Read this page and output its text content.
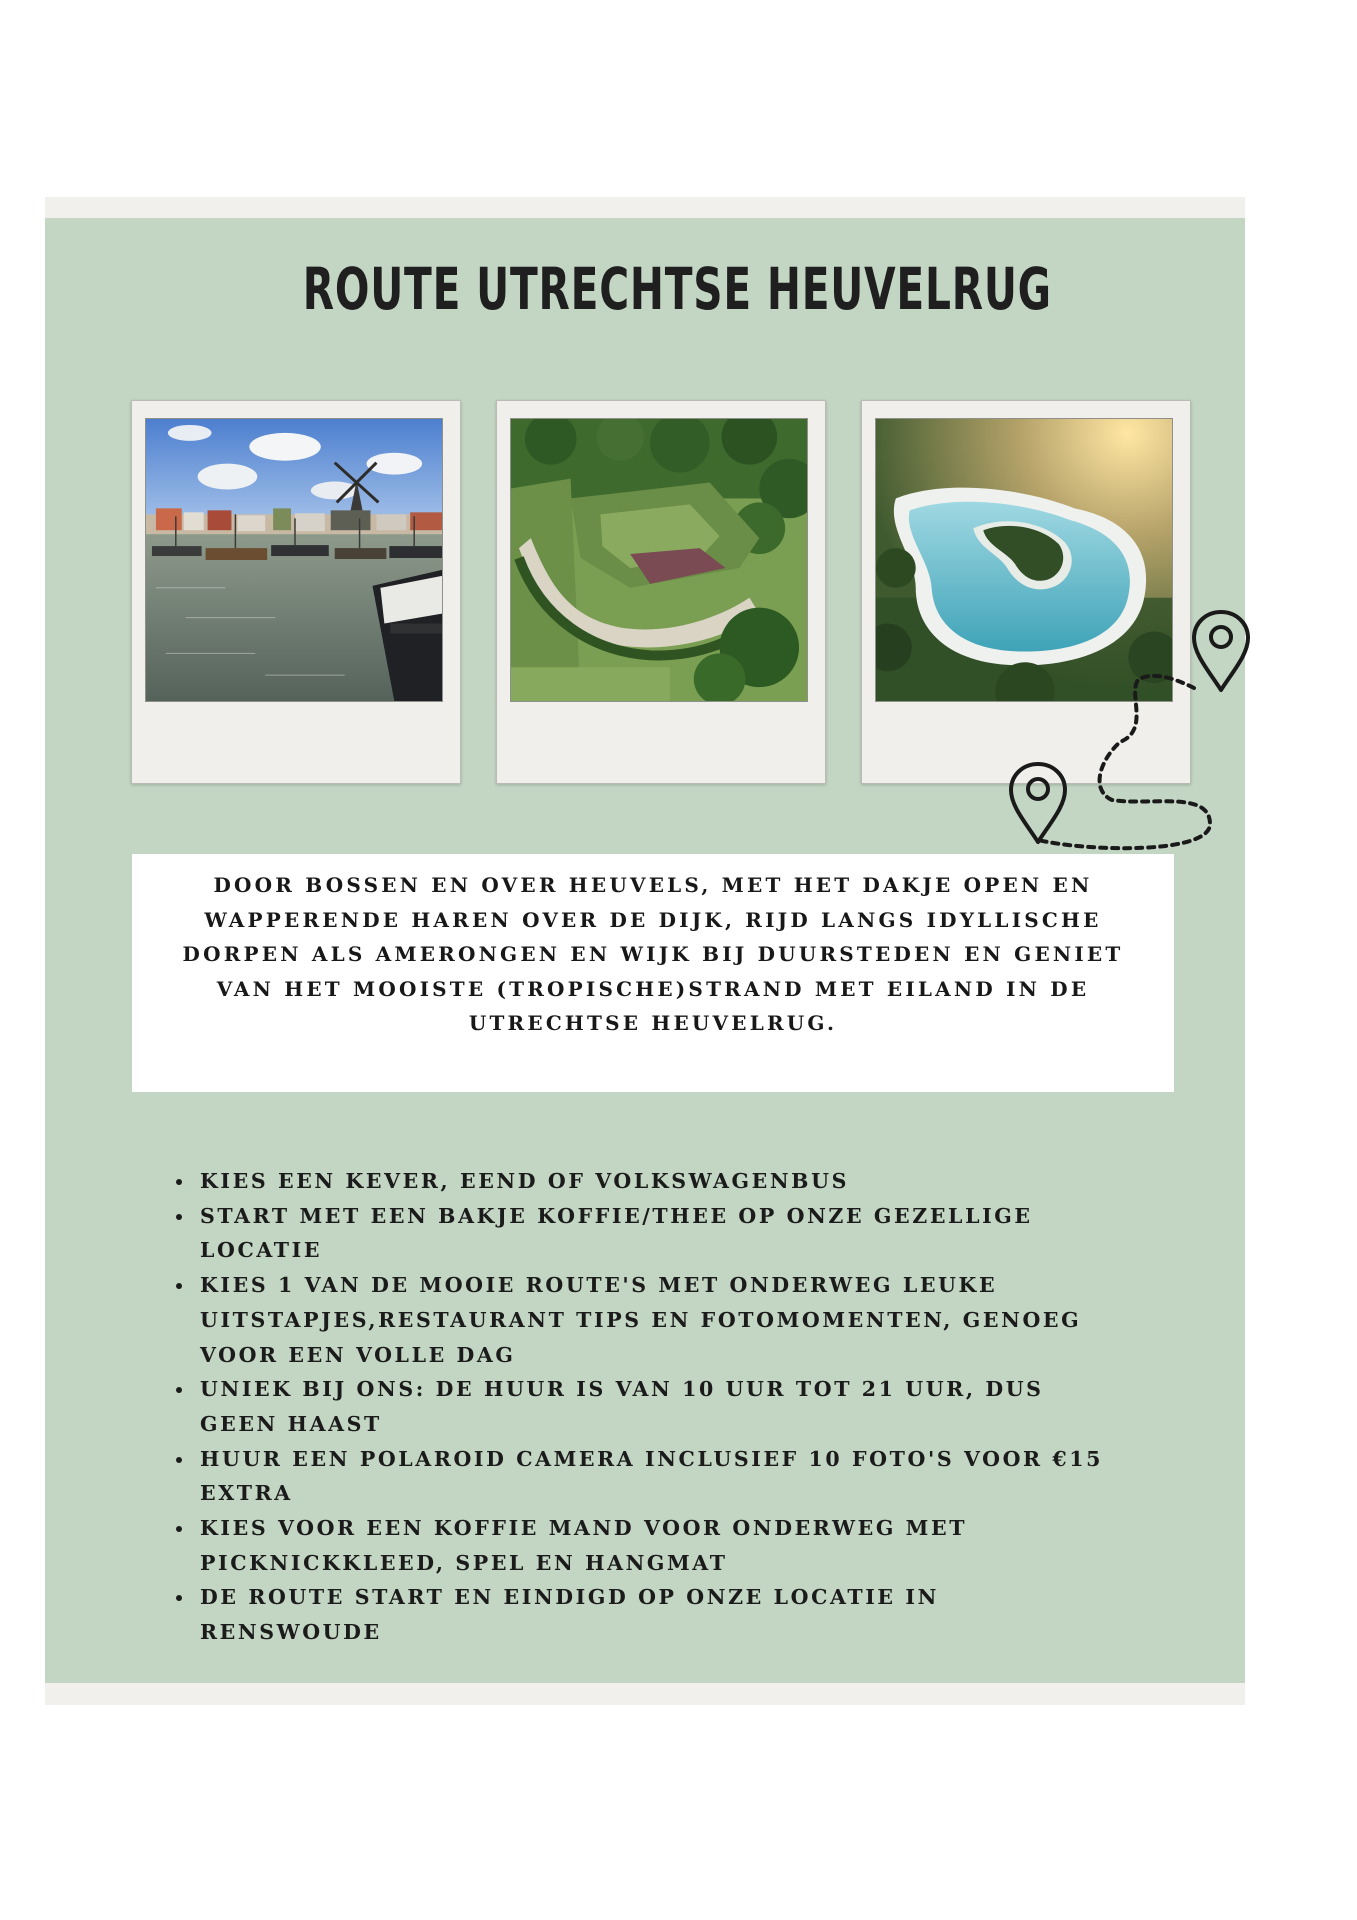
ROUTE UTRECHTSE HEUVELRUG

DOOR BOSSEN EN OVER HEUVELS, MET HET DAKJE OPEN EN WAPPERENDE HAREN OVER DE DIJK, RIJD LANGS IDYLLISCHE DORPEN ALS AMERONGEN EN WIJK BIJ DUURSTEDEN EN GENIET VAN HET MOOISTE (TROPISCHE)STRAND MET EILAND IN DE UTRECHTSE HEUVELRUG.

KIES EEN KEVER, EEND OF VOLKSWAGENBUS
START MET EEN BAKJE KOFFIE/THEE OP ONZE GEZELLIGE LOCATIE
KIES 1 VAN DE MOOIE ROUTE'S MET ONDERWEG LEUKE UITSTAPJES,RESTAURANT TIPS EN FOTOMOMENTEN, GENOEG VOOR EEN VOLLE DAG
UNIEK BIJ ONS: DE HUUR IS VAN 10 UUR TOT 21 UUR, DUS GEEN HAAST
HUUR EEN POLAROID CAMERA INCLUSIEF 10 FOTO'S VOOR €15 EXTRA
KIES VOOR EEN KOFFIE MAND VOOR ONDERWEG MET PICKNICKKLEED, SPEL EN HANGMAT
DE ROUTE START EN EINDIGD OP ONZE LOCATIE IN RENSWOUDE
